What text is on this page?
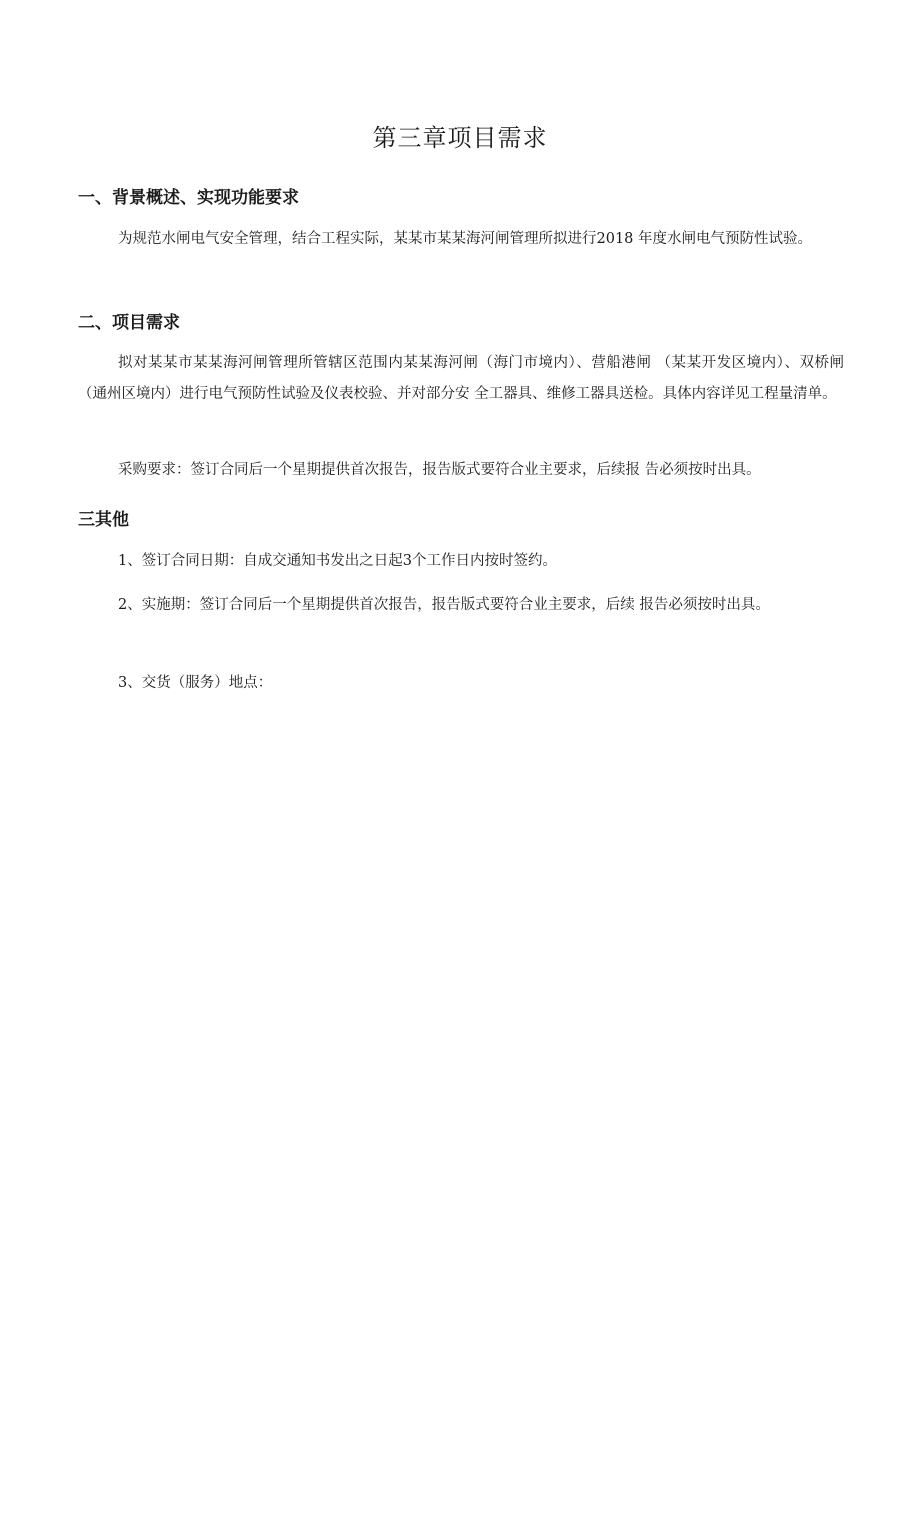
第三章项目需求
一、背景概述、实现功能要求

为规范水闸电气安全管理，结合工程实际，某某市某某海河闸管理所拟进行2018 年度水闸电气预防性试验。

二、项目需求

拟对某某市某某海河闸管理所管辖区范围内某某海河闸（海门市境内）、营船港闸 （某某开发区境内）、双桥闸（通州区境内）进行电气预防性试验及仪表校验、并对部分安 全工器具、维修工器具送检。具体内容详见工程量清单。

采购要求：签订合同后一个星期提供首次报告，报告版式要符合业主要求，后续报 告必须按时出具。

三其他

1、签订合同日期：自成交通知书发出之日起3个工作日内按时签约。

2、实施期：签订合同后一个星期提供首次报告，报告版式要符合业主要求，后续 报告必须按时出具。

3、交货（服务）地点：
